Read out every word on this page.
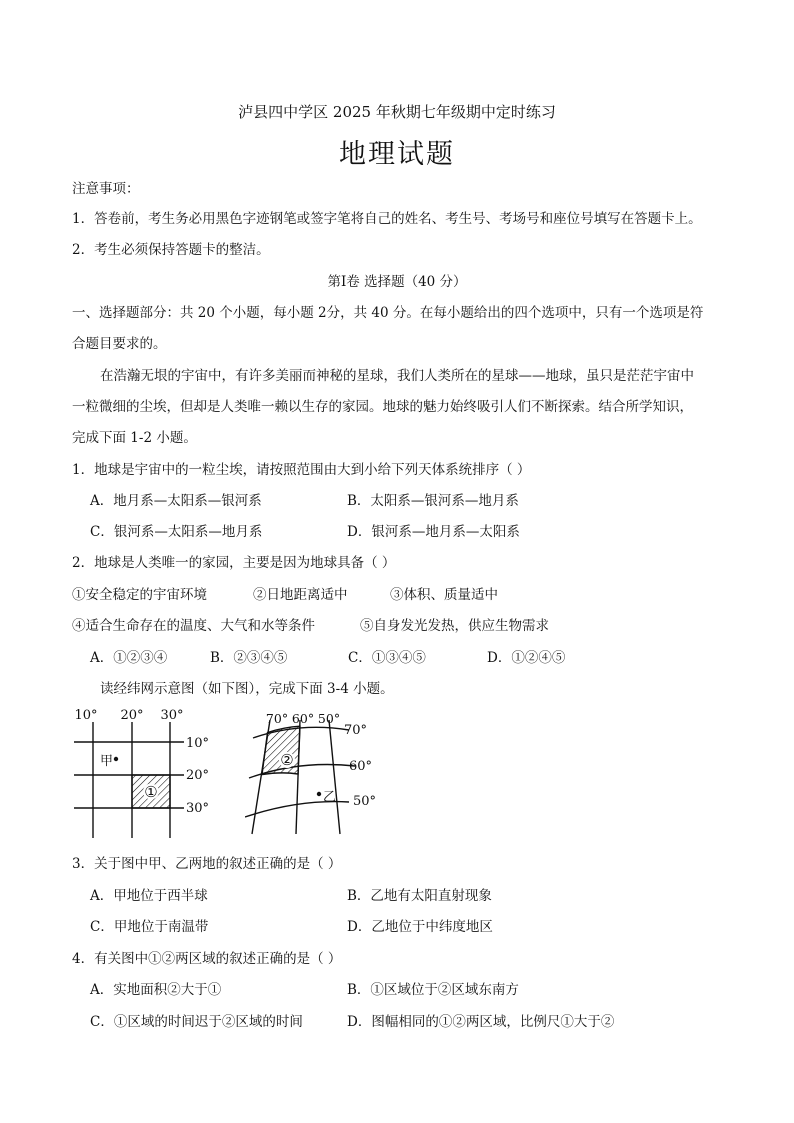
泸县四中学区 2025 年秋期七年级期中定时练习
地理试题
注意事项：
1．答卷前，考生务必用黑色字迹钢笔或签字笔将自己的姓名、考生号、考场号和座位号填写在答题卡上。
2．考生必须保持答题卡的整洁。
第Ⅰ卷 选择题（40 分）
一、选择题部分：共 20 个小题，每小题 2分，共 40 分。在每小题给出的四个选项中，只有一个选项是符
合题目要求的。
在浩瀚无垠的宇宙中，有许多美丽而神秘的星球，我们人类所在的星球——地球，虽只是茫茫宇宙中
一粒微细的尘埃，但却是人类唯一赖以生存的家园。地球的魅力始终吸引人们不断探索。结合所学知识，
完成下面 1-2 小题。
1．地球是宇宙中的一粒尘埃，请按照范围由大到小给下列天体系统排序（ ）
A．地月系—太阳系—银河系	B．太阳系—银河系—地月系
C．银河系—太阳系—地月系	D．银河系—地月系—太阳系
2．地球是人类唯一的家园，主要是因为地球具备（ ）
①安全稳定的宇宙环境	②日地距离适中	③体积、质量适中
④适合生命存在的温度、大气和水等条件	⑤自身发光发热，供应生物需求
A．①②③④	B．②③④⑤	C．①③④⑤	D．①②④⑤
读经纬网示意图（如下图），完成下面 3-4 小题。
①
10° 20° 30°
10°
20°
30°
甲	②
70° 60° 50°
70°
60°
50°
乙
3．关于图中甲、乙两地的叙述正确的是（ ）
A．甲地位于西半球	B．乙地有太阳直射现象
C．甲地位于南温带	D．乙地位于中纬度地区
4．有关图中①②两区域的叙述正确的是（ ）
A．实地面积②大于①	B．①区域位于②区域东南方
C．①区域的时间迟于②区域的时间	D．图幅相同的①②两区域，比例尺①大于②
